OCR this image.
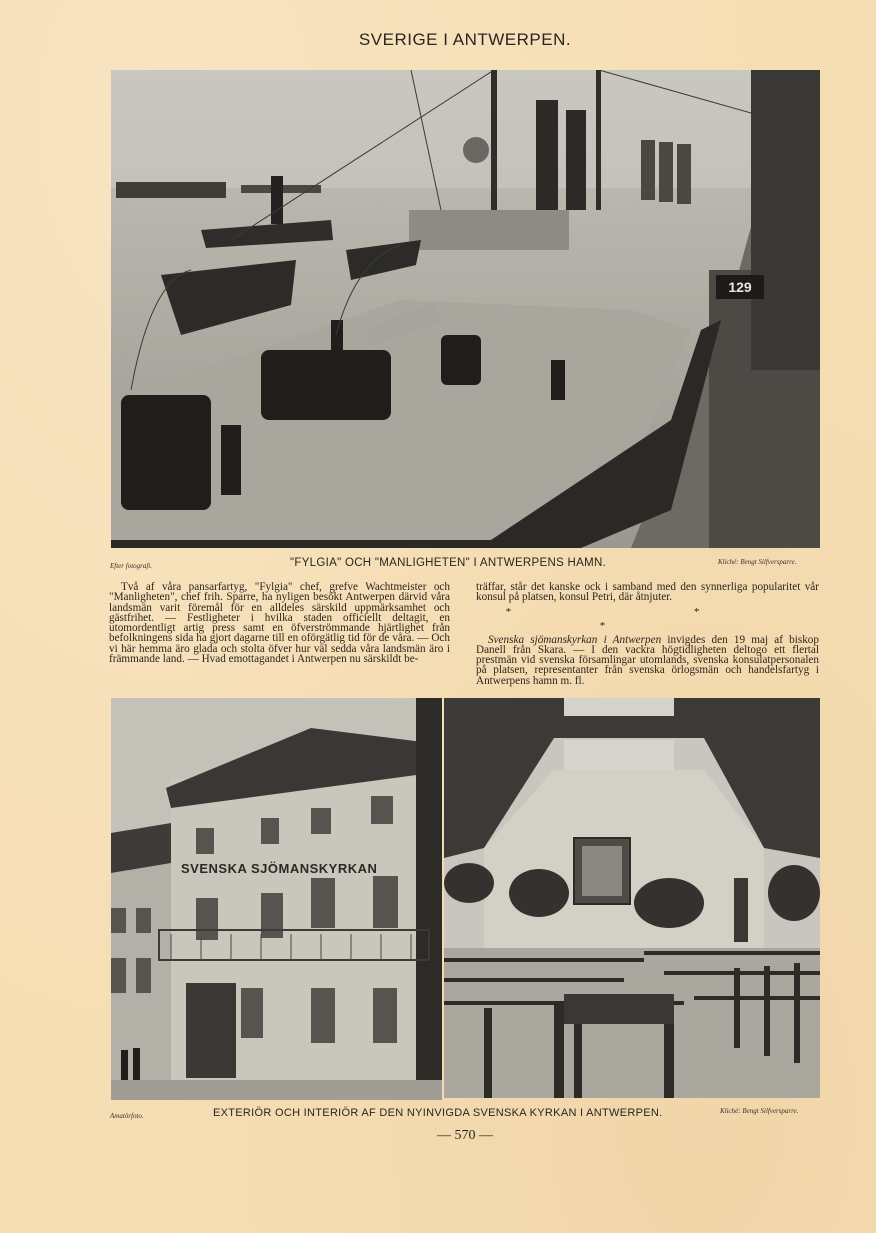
SVERIGE I ANTWERPEN.
129
Efter fotografi.	"FYLGIA" OCH "MANLIGHETEN" I ANTWERPENS HAMN.	Kliché: Bengt Silfversparre.

Två af våra pansarfartyg, "Fylgia" chef, grefve Wachtmeister och "Manligheten", chef frih. Sparre, ha nyligen besökt Antwerpen därvid våra landsmän varit föremål för en alldeles särskild uppmärksamhet och gästfrihet. — Festligheter i hvilka staden officiellt deltagit, en utomordentligt artig press samt en öfverströmmande hjärtlighet från befolkningens sida ha gjort dagarne till en oförgätlig tid för de våra. — Och vi här hemma äro glada och stolta öfver hur väl sedda våra landsmän äro i främmande land. — Hvad emottagandet i Antwerpen nu särskildt be-

träffar, står det kanske ock i samband med den synnerliga popularitet vår konsul på platsen, konsul Petri, där åtnjuter.

* * *

Svenska sjömanskyrkan i Antwerpen invigdes den 19 maj af biskop Danell från Skara. — I den vackra högtidligheten deltogo ett flertal prestmän vid svenska församlingar utomlands, svenska konsulatpersonalen på platsen, representanter från svenska örlogsmän och handelsfartyg i Antwerpens hamn m. fl.

SVENSKA SJÖMANSKYRKAN
Amatörfoto.	EXTERIÖR OCH INTERIÖR AF DEN NYINVIGDA SVENSKA KYRKAN I ANTWERPEN.	Kliché: Bengt Silfversparre.
— 570 —
